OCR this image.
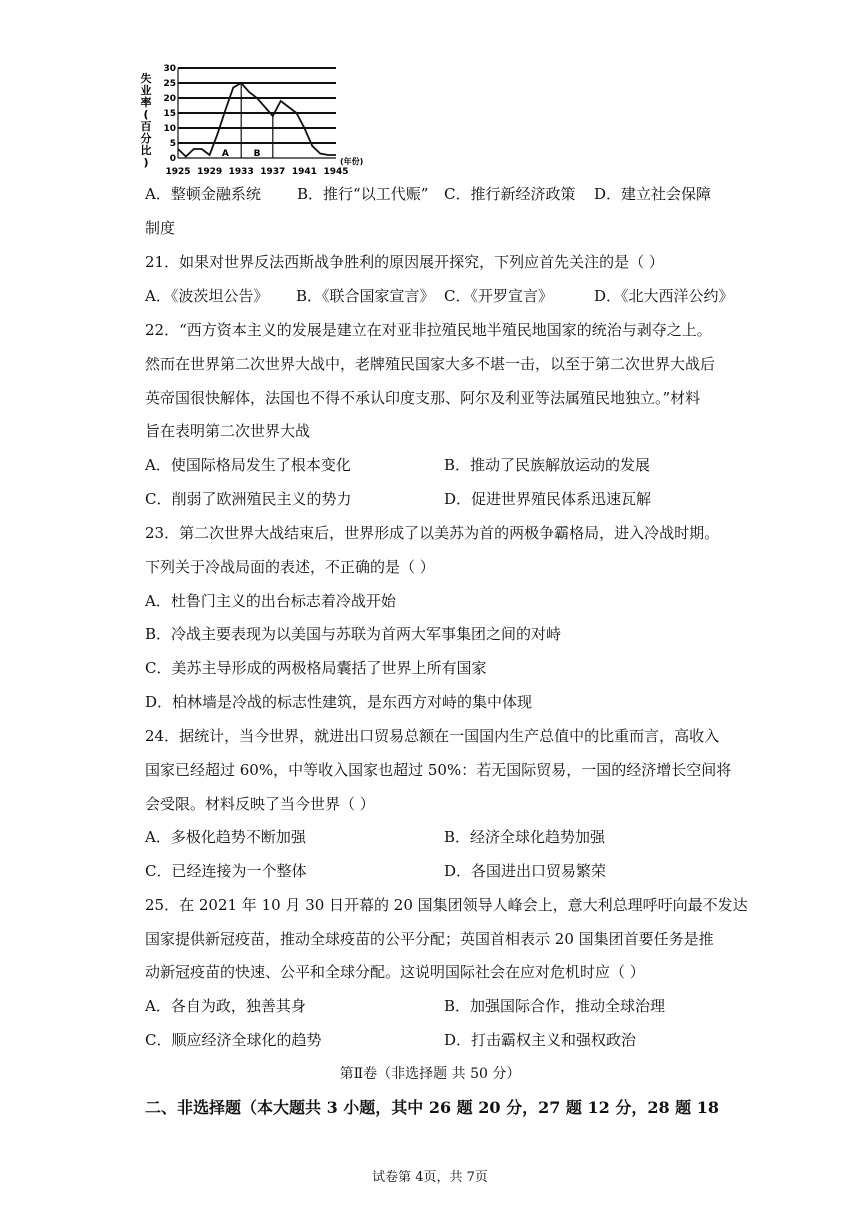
失
业
率
(
百
分
比
) 0
5
10
15
20
25
30
1925 1929 1933 1937 1941 1945
(年份)
A	B
A．整顿金融系统 B．推行“以工代赈” C．推行新经济政策 D．建立社会保障
制度
21．如果对世界反法西斯战争胜利的原因展开探究，下列应首先关注的是（ ）
A．《波茨坦公告》 B．《联合国家宣言》 C．《开罗宣言》	D．《北大西洋公约》
22．“西方资本主义的发展是建立在对亚非拉殖民地半殖民地国家的统治与剥夺之上。
然而在世界第二次世界大战中，老牌殖民国家大多不堪一击，以至于第二次世界大战后
英帝国很快解体，法国也不得不承认印度支那、阿尔及利亚等法属殖民地独立。”材料
旨在表明第二次世界大战
A．使国际格局发生了根本变化	B．推动了民族解放运动的发展
C．削弱了欧洲殖民主义的势力	D．促进世界殖民体系迅速瓦解
23．第二次世界大战结束后，世界形成了以美苏为首的两极争霸格局，进入冷战时期。
下列关于冷战局面的表述，不正确的是（ ）
A．杜鲁门主义的出台标志着冷战开始
B．冷战主要表现为以美国与苏联为首两大军事集团之间的对峙
C．美苏主导形成的两极格局囊括了世界上所有国家
D．柏林墙是冷战的标志性建筑，是东西方对峙的集中体现
24．据统计，当今世界，就进出口贸易总额在一国国内生产总值中的比重而言，高收入
国家已经超过 60%，中等收入国家也超过 50%：若无国际贸易，一国的经济增长空间将
会受限。材料反映了当今世界（ ）
A．多极化趋势不断加强	B．经济全球化趋势加强
C．已经连接为一个整体	D．各国进出口贸易繁荣
25．在 2021 年 10 月 30 日开幕的 20 国集团领导人峰会上，意大利总理呼吁向最不发达
国家提供新冠疫苗，推动全球疫苗的公平分配；英国首相表示 20 国集团首要任务是推
动新冠疫苗的快速、公平和全球分配。这说明国际社会在应对危机时应（ ）
A．各自为政，独善其身	B．加强国际合作，推动全球治理
C．顺应经济全球化的趋势	D．打击霸权主义和强权政治
第Ⅱ卷（非选择题 共 50 分）
二、非选择题（本大题共 3 小题，其中 26 题 20 分，27 题 12 分，28 题 18
试卷第 4页，共 7页
